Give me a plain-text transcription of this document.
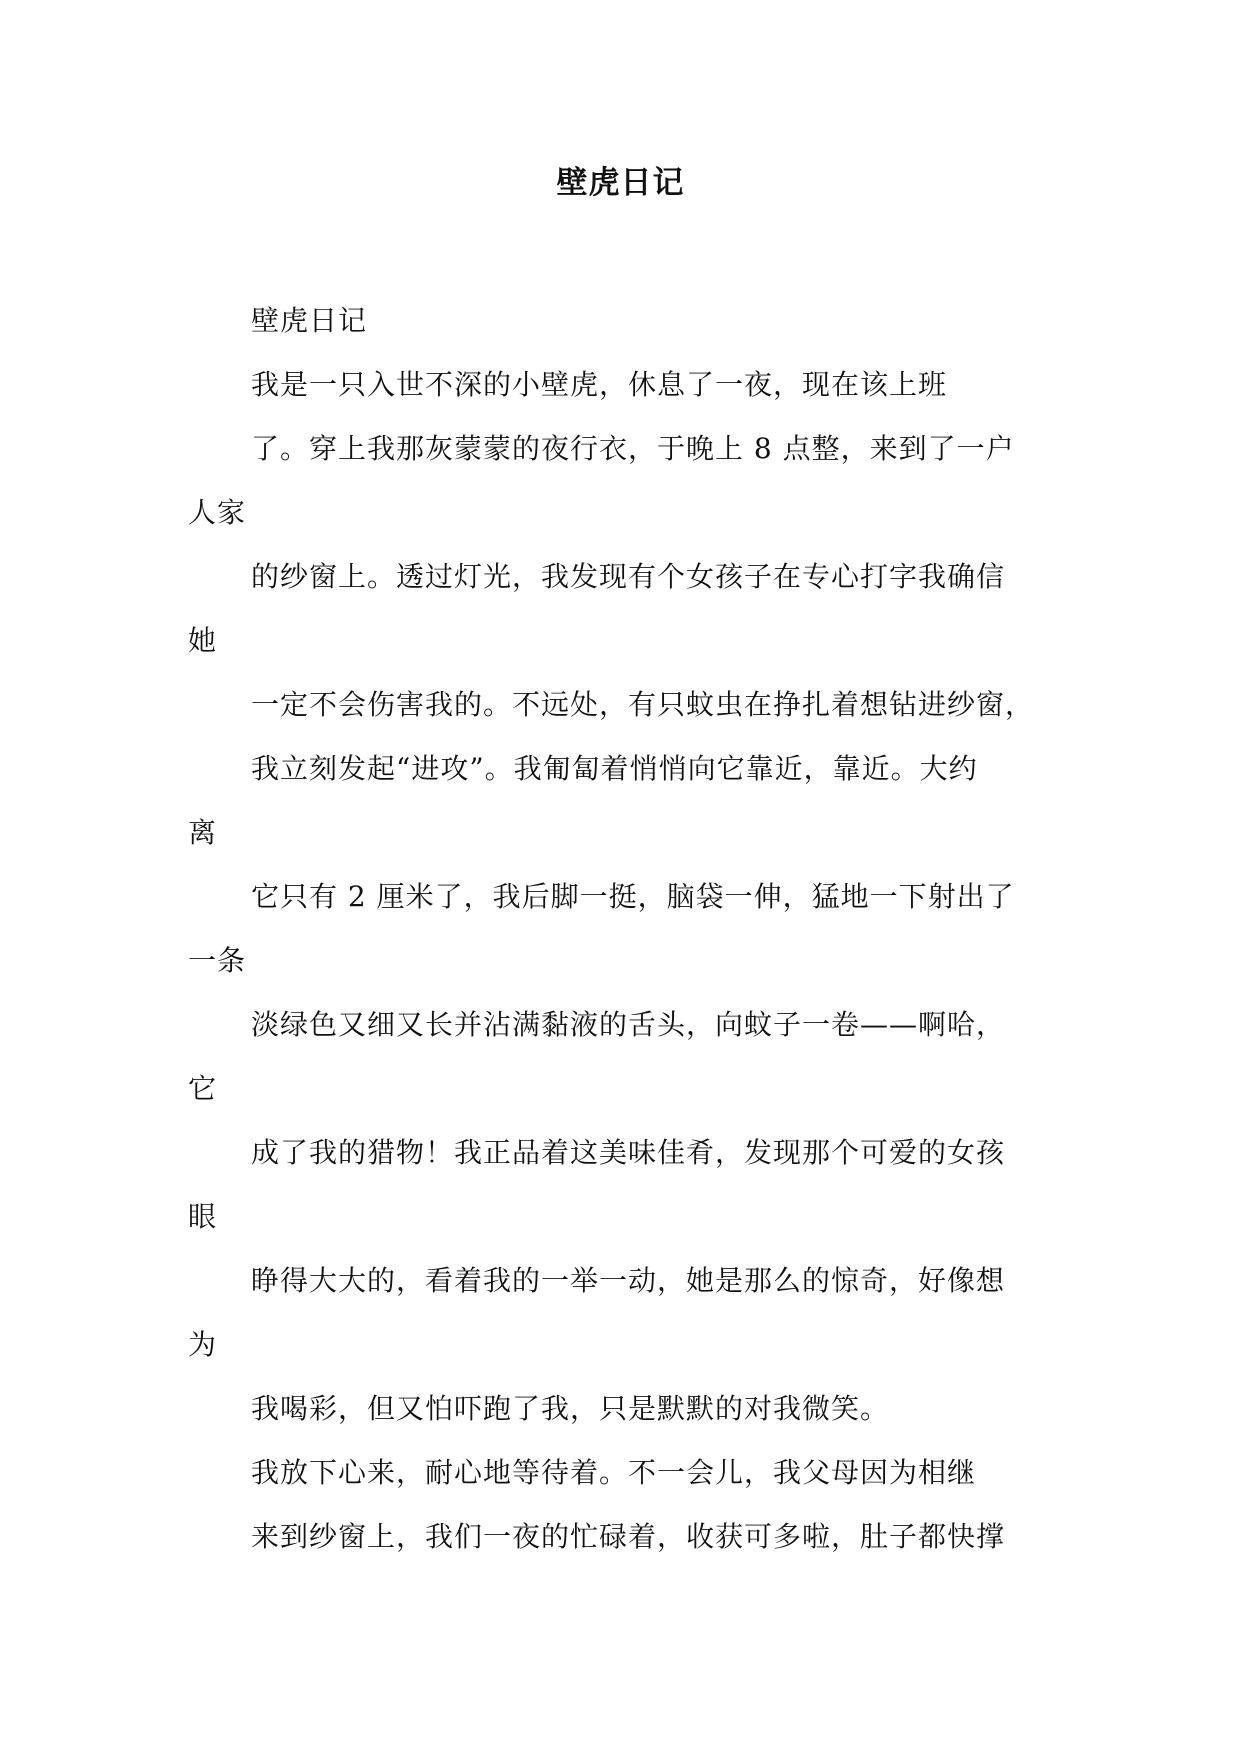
壁虎日记
壁虎日记
我是一只入世不深的小壁虎，休息了一夜，现在该上班
了。穿上我那灰蒙蒙的夜行衣，于晚上 8 点整，来到了一户
人家
的纱窗上。透过灯光，我发现有个女孩子在专心打字我确信
她
一定不会伤害我的。不远处，有只蚊虫在挣扎着想钻进纱窗，
我立刻发起“进攻”。我匍匐着悄悄向它靠近，靠近。大约
离
它只有 2 厘米了，我后脚一挺，脑袋一伸，猛地一下射出了
一条
淡绿色又细又长并沾满黏液的舌头，向蚊子一卷——啊哈，
它
成了我的猎物！我正品着这美味佳肴，发现那个可爱的女孩
眼
睁得大大的，看着我的一举一动，她是那么的惊奇，好像想
为
我喝彩，但又怕吓跑了我，只是默默的对我微笑。
我放下心来，耐心地等待着。不一会儿，我父母因为相继
来到纱窗上，我们一夜的忙碌着，收获可多啦，肚子都快撑
